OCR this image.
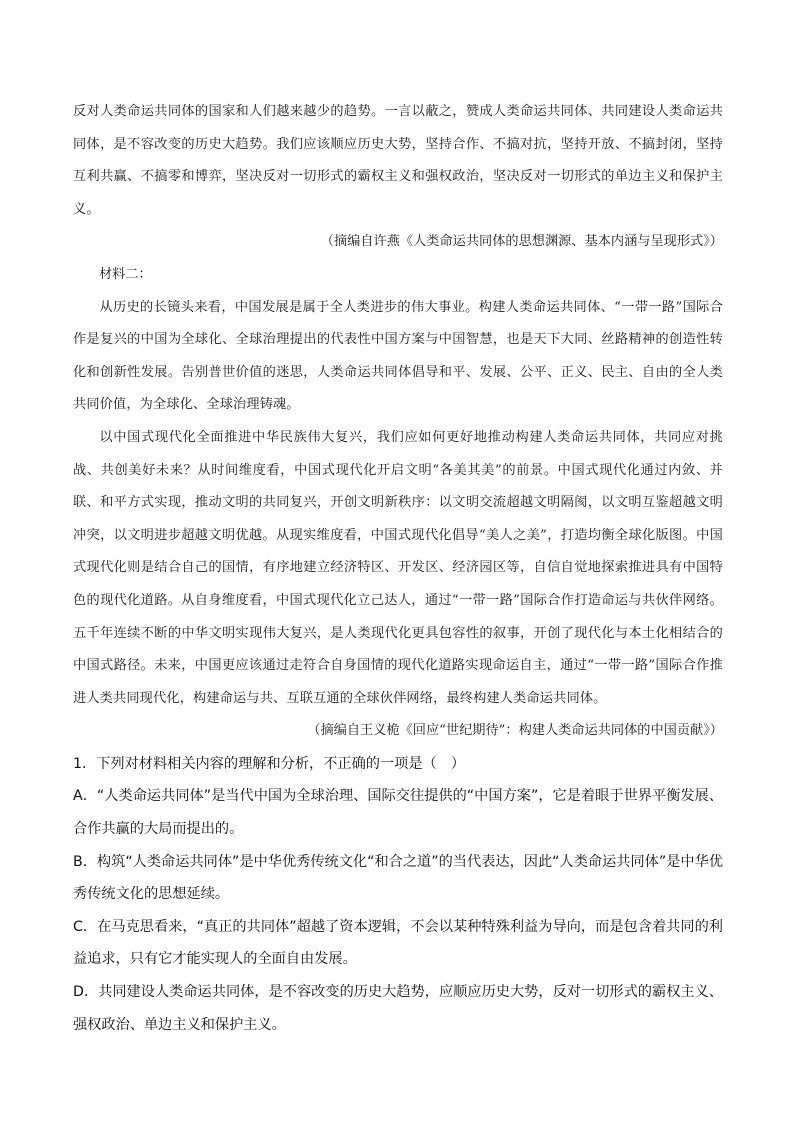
反对人类命运共同体的国家和人们越来越少的趋势。一言以蔽之，赞成人类命运共同体、共同建设人类命运共同体，是不容改变的历史大趋势。我们应该顺应历史大势，坚持合作、不搞对抗，坚持开放、不搞封闭，坚持互利共赢、不搞零和博弈，坚决反对一切形式的霸权主义和强权政治，坚决反对一切形式的单边主义和保护主义。

（摘编自许燕《人类命运共同体的思想渊源、基本内涵与呈现形式》）

材料二：

从历史的长镜头来看，中国发展是属于全人类进步的伟大事业。构建人类命运共同体、“一带一路”国际合作是复兴的中国为全球化、全球治理提出的代表性中国方案与中国智慧，也是天下大同、丝路精神的创造性转化和创新性发展。告别普世价值的迷思，人类命运共同体倡导和平、发展、公平、正义、民主、自由的全人类共同价值，为全球化、全球治理铸魂。

以中国式现代化全面推进中华民族伟大复兴，我们应如何更好地推动构建人类命运共同体，共同应对挑战、共创美好未来？从时间维度看，中国式现代化开启文明“各美其美”的前景。中国式现代化通过内敛、并联、和平方式实现，推动文明的共同复兴，开创文明新秩序：以文明交流超越文明隔阂，以文明互鉴超越文明冲突，以文明进步超越文明优越。从现实维度看，中国式现代化倡导“美人之美”，打造均衡全球化版图。中国式现代化则是结合自己的国情，有序地建立经济特区、开发区、经济园区等，自信自觉地探索推进具有中国特色的现代化道路。从自身维度看，中国式现代化立己达人，通过“一带一路”国际合作打造命运与共伙伴网络。五千年连续不断的中华文明实现伟大复兴，是人类现代化更具包容性的叙事，开创了现代化与本土化相结合的中国式路径。未来，中国更应该通过走符合自身国情的现代化道路实现命运自主，通过“一带一路”国际合作推进人类共同现代化，构建命运与共、互联互通的全球伙伴网络，最终构建人类命运共同体。

（摘编自王义桅《回应“世纪期待”：构建人类命运共同体的中国贡献》）

1．下列对材料相关内容的理解和分析，不正确的一项是（　）

A．“人类命运共同体”是当代中国为全球治理、国际交往提供的“中国方案”，它是着眼于世界平衡发展、合作共赢的大局而提出的。

B．构筑“人类命运共同体”是中华优秀传统文化“和合之道”的当代表达，因此“人类命运共同体”是中华优秀传统文化的思想延续。

C．在马克思看来，“真正的共同体”超越了资本逻辑，不会以某种特殊利益为导向，而是包含着共同的利益追求，只有它才能实现人的全面自由发展。

D．共同建设人类命运共同体，是不容改变的历史大趋势，应顺应历史大势，反对一切形式的霸权主义、强权政治、单边主义和保护主义。
